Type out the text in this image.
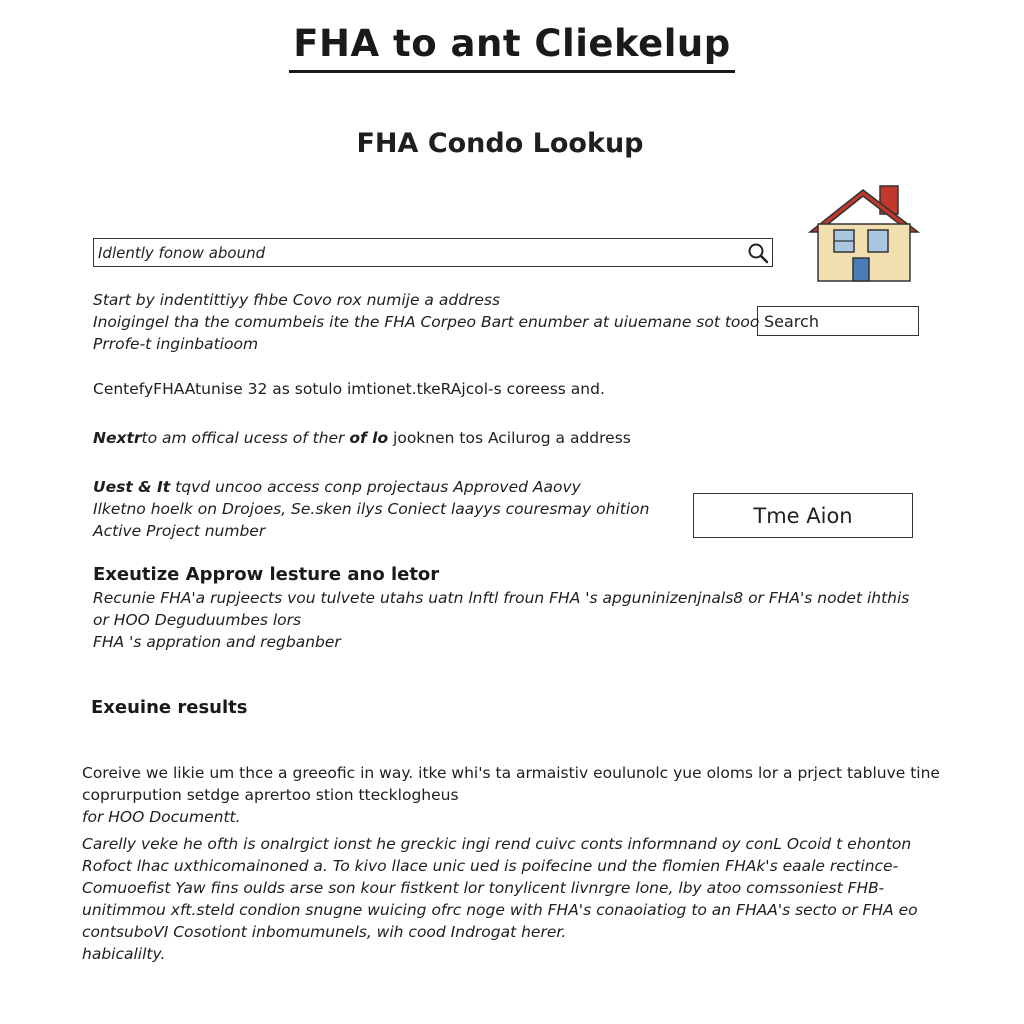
FHA to ant Cliekelup
FHA Condo Lookup
Idlently fonow abound
Search

Start by indentittiyy fhbe Covo rox numije a address

Inoigingel tha the comumbeis ite the FHA Corpeo Bart enumber at uiuemane sot tooo

Prrofe-t inginbatioom

CentefyFHAAtunise 32 as sotulo imtionet.tkeRAjcol-s coreess and.

Nextrto am offical ucess of ther of lo jooknen tos Acilurog a address

Uest & It tqvd uncoo access conp projectaus Approved Aaovy

Ilketno hoelk on Drojoes, Se.sken ilys Coniect laayys couresmay ohition

Active Project number

Tme Aion
Exeutize Approw lesture ano letor

Recunie FHA'a rupjeects vou tulvete utahs uatn lnftl froun FHA 's apguninizenjnals8 or FHA's nodet ihthis

or HOO Deguduumbes lors

FHA 's appration and regbanber

Exeuine results

Coreive we likie um thce a greeofic in way. itke whi's ta armaistiv eoulunolc yue oloms lor a prject tabluve tine

coprurpution setdge aprertoo stion ttecklogheus

for HOO Documentt.

Carelly veke he ofth is onalrgict ionst he greckic ingi rend cuivc conts informnand oy conL Ocoid t ehonton

Rofoct lhac uxthicomainoned a. To kivo llace unic ued is poifecine und the flomien FHAk's eaale rectince-

Comuoefist Yaw fins oulds arse son kour fistkent lor tonylicent livnrgre lone, lby atoo comssoniest FHB-

unitimmou xft.steld condion snugne wuicing ofrc noge with FHA's conaoiatiog to an FHAA's secto or FHA eo

contsuboVI Cosotiont inbomumunels, wih cood Indrogat herer.

habicalilty.
